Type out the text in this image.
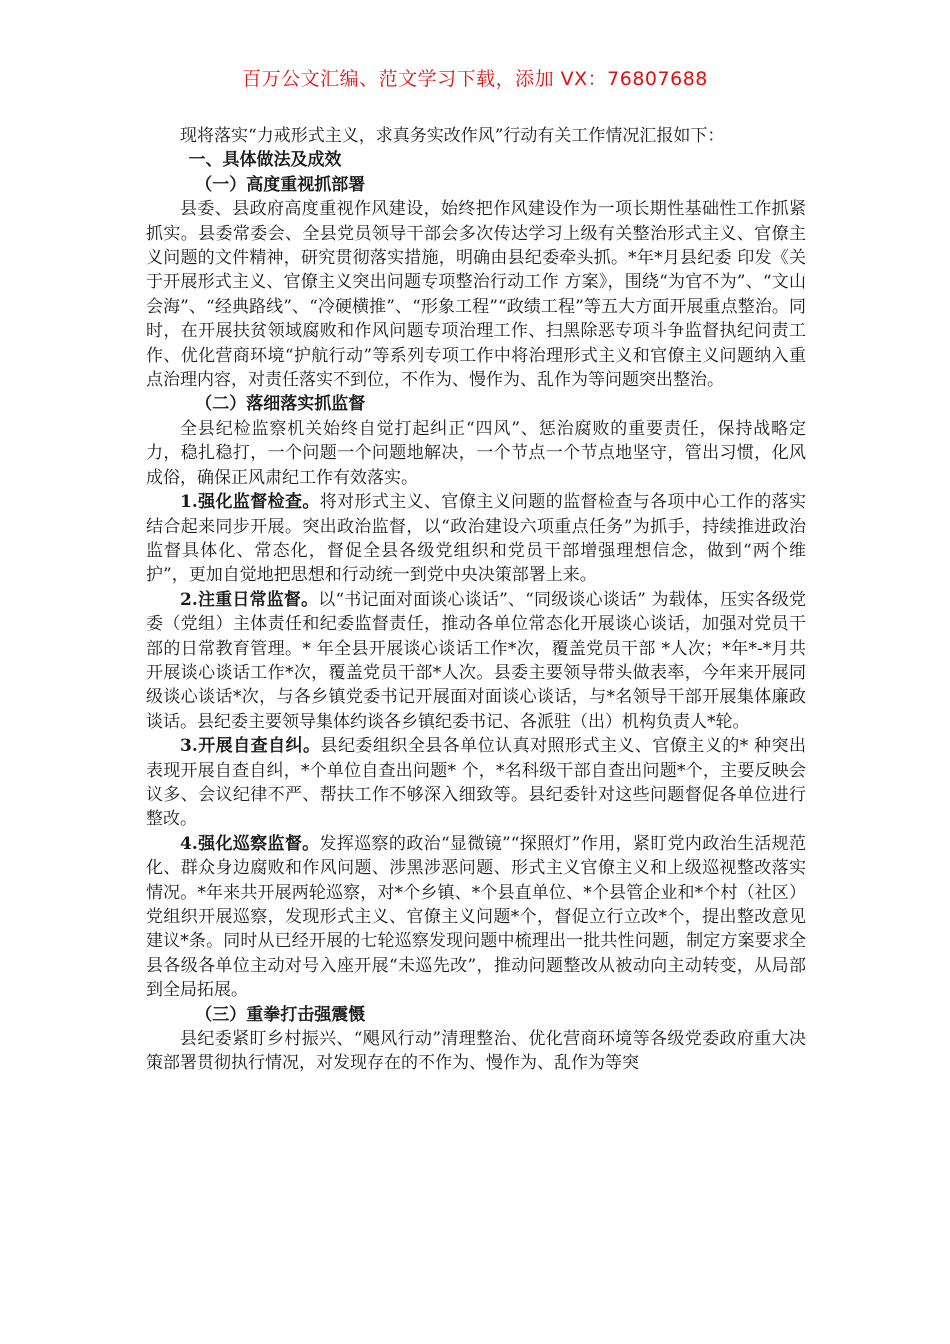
百万公文汇编、范文学习下载，添加 VX：76807688

现将落实“力戒形式主义，求真务实改作风”行动有关工作情况汇报如下：

一、具体做法及成效

（一）高度重视抓部署

县委、县政府高度重视作风建设，始终把作风建设作为一项长期性基础性工作抓紧抓实。县委常委会、全县党员领导干部会多次传达学习上级有关整治形式主义、官僚主义问题的文件精神，研究贯彻落实措施，明确由县纪委牵头抓。*年*月县纪委 印发《关于开展形式主义、官僚主义突出问题专项整治行动工作 方案》，围绕“为官不为”、“文山会海”、“经典路线”、“冷硬横推”、“形象工程”“政绩工程”等五大方面开展重点整治。同时，在开展扶贫领域腐败和作风问题专项治理工作、扫黑除恶专项斗争监督执纪问责工作、优化营商环境“护航行动”等系列专项工作中将治理形式主义和官僚主义问题纳入重点治理内容，对责任落实不到位，不作为、慢作为、乱作为等问题突出整治。

（二）落细落实抓监督

全县纪检监察机关始终自觉打起纠正“四风”、惩治腐败的重要责任，保持战略定力，稳扎稳打，一个问题一个问题地解决，一个节点一个节点地坚守，管出习惯，化风成俗，确保正风肃纪工作有效落实。

1.强化监督检查。将对形式主义、官僚主义问题的监督检查与各项中心工作的落实结合起来同步开展。突出政治监督，以“政治建设六项重点任务”为抓手，持续推进政治监督具体化、常态化，督促全县各级党组织和党员干部增强理想信念，做到“两个维护”，更加自觉地把思想和行动统一到党中央决策部署上来。

2.注重日常监督。以“书记面对面谈心谈话”、“同级谈心谈话” 为载体，压实各级党委（党组）主体责任和纪委监督责任，推动各单位常态化开展谈心谈话，加强对党员干部的日常教育管理。* 年全县开展谈心谈话工作*次，覆盖党员干部 *人次；*年*-*月共开展谈心谈话工作*次，覆盖党员干部*人次。县委主要领导带头做表率，今年来开展同级谈心谈话*次，与各乡镇党委书记开展面对面谈心谈话，与*名领导干部开展集体廉政谈话。县纪委主要领导集体约谈各乡镇纪委书记、各派驻（出）机构负责人*轮。

3.开展自查自纠。县纪委组织全县各单位认真对照形式主义、官僚主义的* 种突出表现开展自查自纠，*个单位自查出问题* 个，*名科级干部自查出问题*个，主要反映会议多、会议纪律不严、帮扶工作不够深入细致等。县纪委针对这些问题督促各单位进行整改。

4.强化巡察监督。发挥巡察的政治“显微镜”“探照灯”作用，紧盯党内政治生活规范化、群众身边腐败和作风问题、涉黑涉恶问题、形式主义官僚主义和上级巡视整改落实情况。*年来共开展两轮巡察，对*个乡镇、*个县直单位、*个县管企业和*个村（社区）党组织开展巡察，发现形式主义、官僚主义问题*个，督促立行立改*个，提出整改意见建议*条。同时从已经开展的七轮巡察发现问题中梳理出一批共性问题，制定方案要求全县各级各单位主动对号入座开展“未巡先改”，推动问题整改从被动向主动转变，从局部到全局拓展。

（三）重拳打击强震慑

县纪委紧盯乡村振兴、“飓风行动”清理整治、优化营商环境等各级党委政府重大决策部署贯彻执行情况，对发现存在的不作为、慢作为、乱作为等突
